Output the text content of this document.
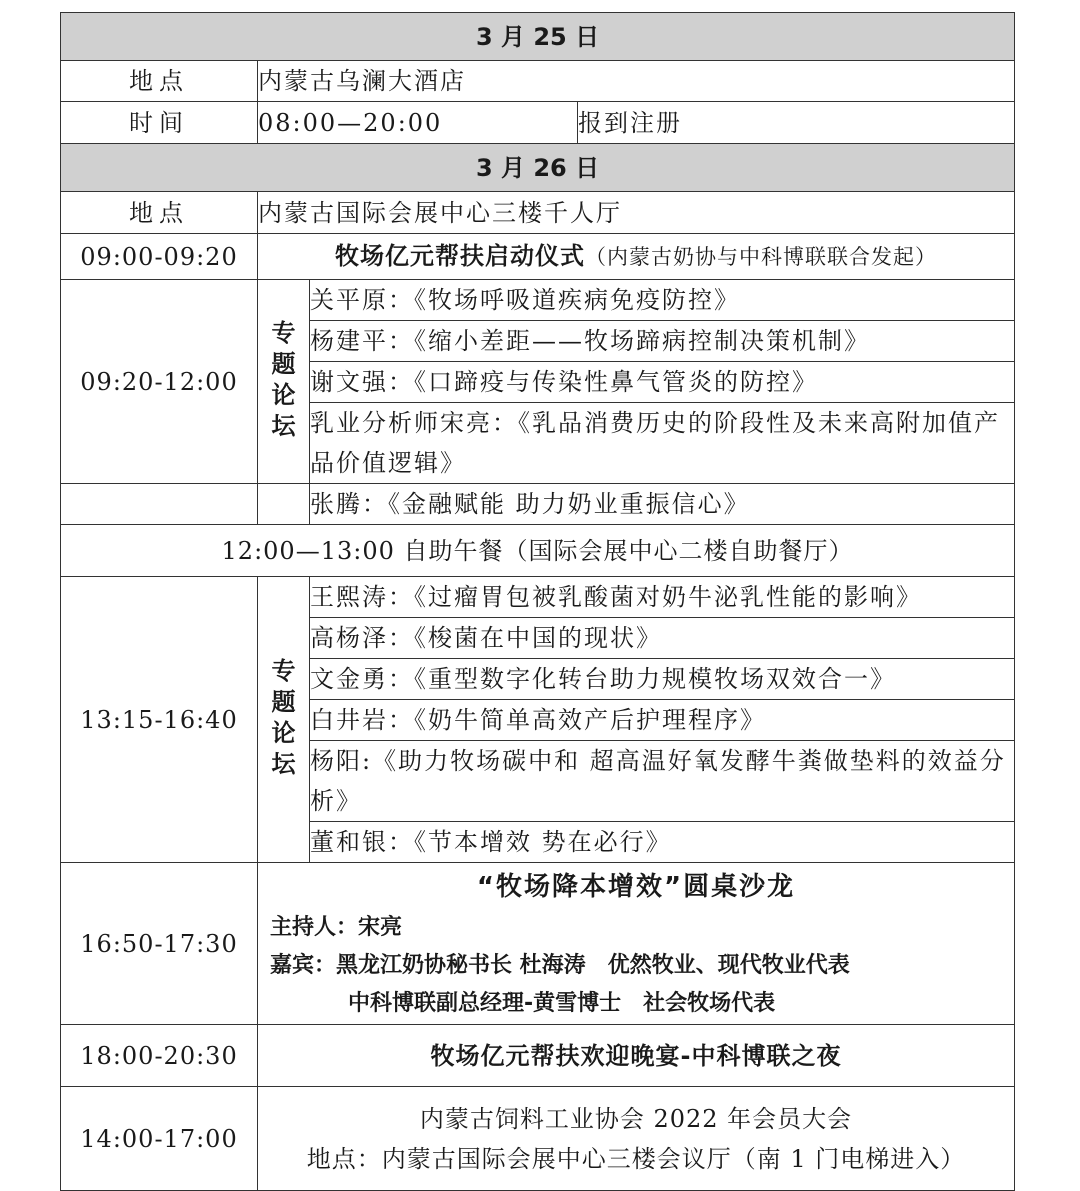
3 月 25 日			
地点	内蒙古乌澜大酒店		
时间	08:00—20:00		报到注册
3 月 26 日			
地点	内蒙古国际会展中心三楼千人厅		
09:00-09:20	牧场亿元帮扶启动仪式（内蒙古奶协与中科博联联合发起）		
09:20-12:00	专题论坛	关平原：《牧场呼吸道疾病免疫防控》	
		杨建平：《缩小差距——牧场蹄病控制决策机制》	
		谢文强：《口蹄疫与传染性鼻气管炎的防控》	
		乳业分析师宋亮：《乳品消费历史的阶段性及未来高附加值产品价值逻辑》	
		张腾：《金融赋能 助力奶业重振信心》	
12:00—13:00 自助午餐（国际会展中心二楼自助餐厅）			
13:15-16:40	专题论坛	王熙涛：《过瘤胃包被乳酸菌对奶牛泌乳性能的影响》	
		高杨泽：《梭菌在中国的现状》	
		文金勇：《重型数字化转台助力规模牧场双效合一》	
		白井岩：《奶牛简单高效产后护理程序》	
		杨阳:《助力牧场碳中和 超高温好氧发酵牛粪做垫料的效益分析》	
		董和银：《节本增效 势在必行》	
16:50-17:30	“牧场降本增效”圆桌沙龙
主持人：宋亮
嘉宾：黑龙江奶协秘书长 杜海涛 优然牧业、现代牧业代表
中科博联副总经理-黄雪博士 社会牧场代表		

18:00-20:30	牧场亿元帮扶欢迎晚宴-中科博联之夜		
14:00-17:00	内蒙古饲料工业协会 2022 年会员大会
地点：内蒙古国际会展中心三楼会议厅（南 1 门电梯进入）		
